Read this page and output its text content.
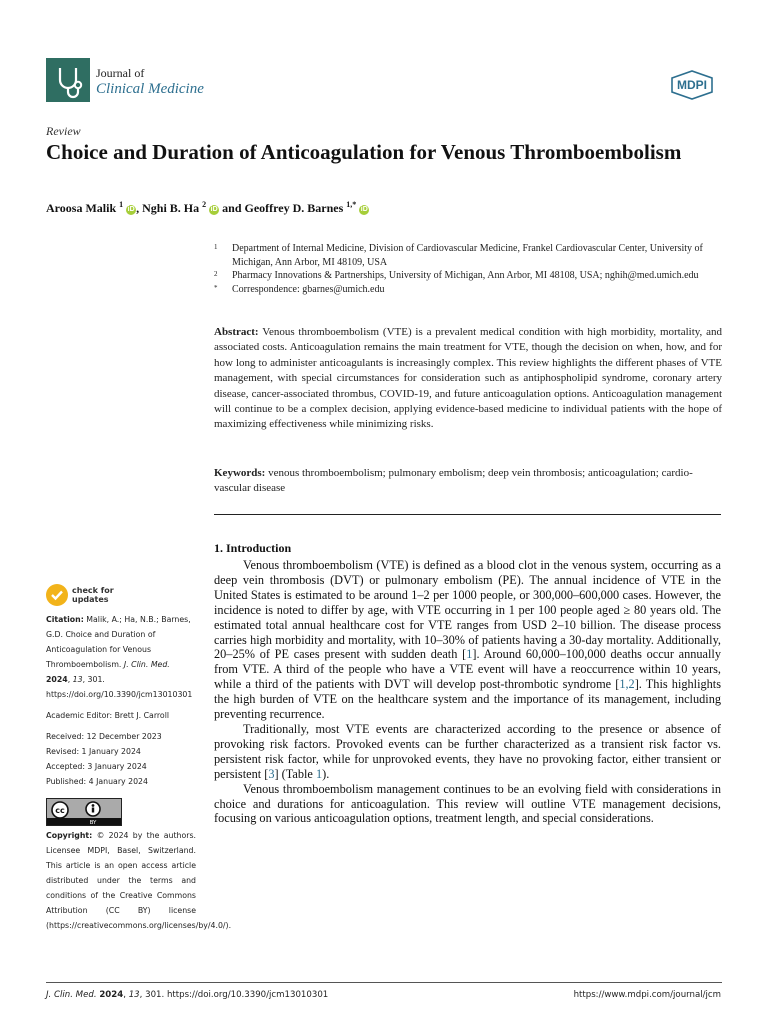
Journal of
Clinical Medicine	MDPI
Review
Choice and Duration of Anticoagulation for Venous Thromboembolism
Aroosa Malik $^1$ iD , Nghi B. Ha $^2$ iD and Geoffrey D. Barnes $^{1,*}$ iD
1	Department of Internal Medicine, Division of Cardiovascular Medicine, Frankel Cardiovascular Center, University of Michigan, Ann Arbor, MI 48109, USA
2	Pharmacy Innovations & Partnerships, University of Michigan, Ann Arbor, MI 48108, USA; nghih@med.umich.edu
*	Correspondence: gbarnes@umich.edu
Abstract: Venous thromboembolism (VTE) is a prevalent medical condition with high morbidity, mortality, and associated costs. Anticoagulation remains the main treatment for VTE, though the decision on when, how, and for how long to administer anticoagulants is increasingly complex. This review highlights the different phases of VTE management, with special circumstances for consideration such as antiphospholipid syndrome, coronary artery disease, cancer-associated thrombus, COVID-19, and future anticoagulation options. Anticoagulation management will continue to be a complex decision, applying evidence-based medicine to individual patients with the hope of maximizing effectiveness while minimizing risks.
Keywords: venous thromboembolism; pulmonary embolism; deep vein thrombosis; anticoagulation; cardio-vascular disease
1. Introduction

Venous thromboembolism (VTE) is defined as a blood clot in the venous system, occurring as a deep vein thrombosis (DVT) or pulmonary embolism (PE). The annual incidence of VTE in the United States is estimated to be around 1–2 per 1000 people, or 300,000–600,000 cases. However, the incidence is noted to differ by age, with VTE occurring in 1 per 100 people aged ≥ 80 years old. The estimated total annual healthcare cost for VTE ranges from USD 2–10 billion. The disease process carries high morbidity and mortality, with 10–30% of patients having a 30-day mortality. Additionally, 20–25% of PE cases present with sudden death [1]. Around 60,000–100,000 deaths occur annually from VTE. A third of the people who have a VTE event will have a reoccurrence within 10 years, while a third of the patients with DVT will develop post-thrombotic syndrome [1,2]. This highlights the high burden of VTE on the healthcare system and the importance of its management, including preventing recurrence.

Traditionally, most VTE events are characterized according to the presence or absence of provoking risk factors. Provoked events can be further characterized as a transient risk factor vs. persistent risk factor, while for unprovoked events, they have no provoking factor, either transient or persistent [3] (Table 1).

Venous thromboembolism management continues to be an evolving field with considerations in choice and durations for anticoagulation. This review will outline VTE management decisions, focusing on various anticoagulation options, treatment length, and special considerations.

check for
updates

Citation: Malik, A.; Ha, N.B.; Barnes, G.D. Choice and Duration of Anticoagulation for Venous Thromboembolism. J. Clin. Med. 2024, 13, 301. https://doi.org/10.3390/jcm13010301

Academic Editor: Brett J. Carroll

Received: 12 December 2023

Revised: 1 January 2024

Accepted: 3 January 2024

Published: 4 January 2024

cc
BY
Copyright: © 2024 by the authors. Licensee MDPI, Basel, Switzerland. This article is an open access article distributed under the terms and conditions of the Creative Commons Attribution (CC BY) license (https://creativecommons.org/licenses/by/4.0/).
J. Clin. Med. 2024, 13, 301. https://doi.org/10.3390/jcm13010301	https://www.mdpi.com/journal/jcm
